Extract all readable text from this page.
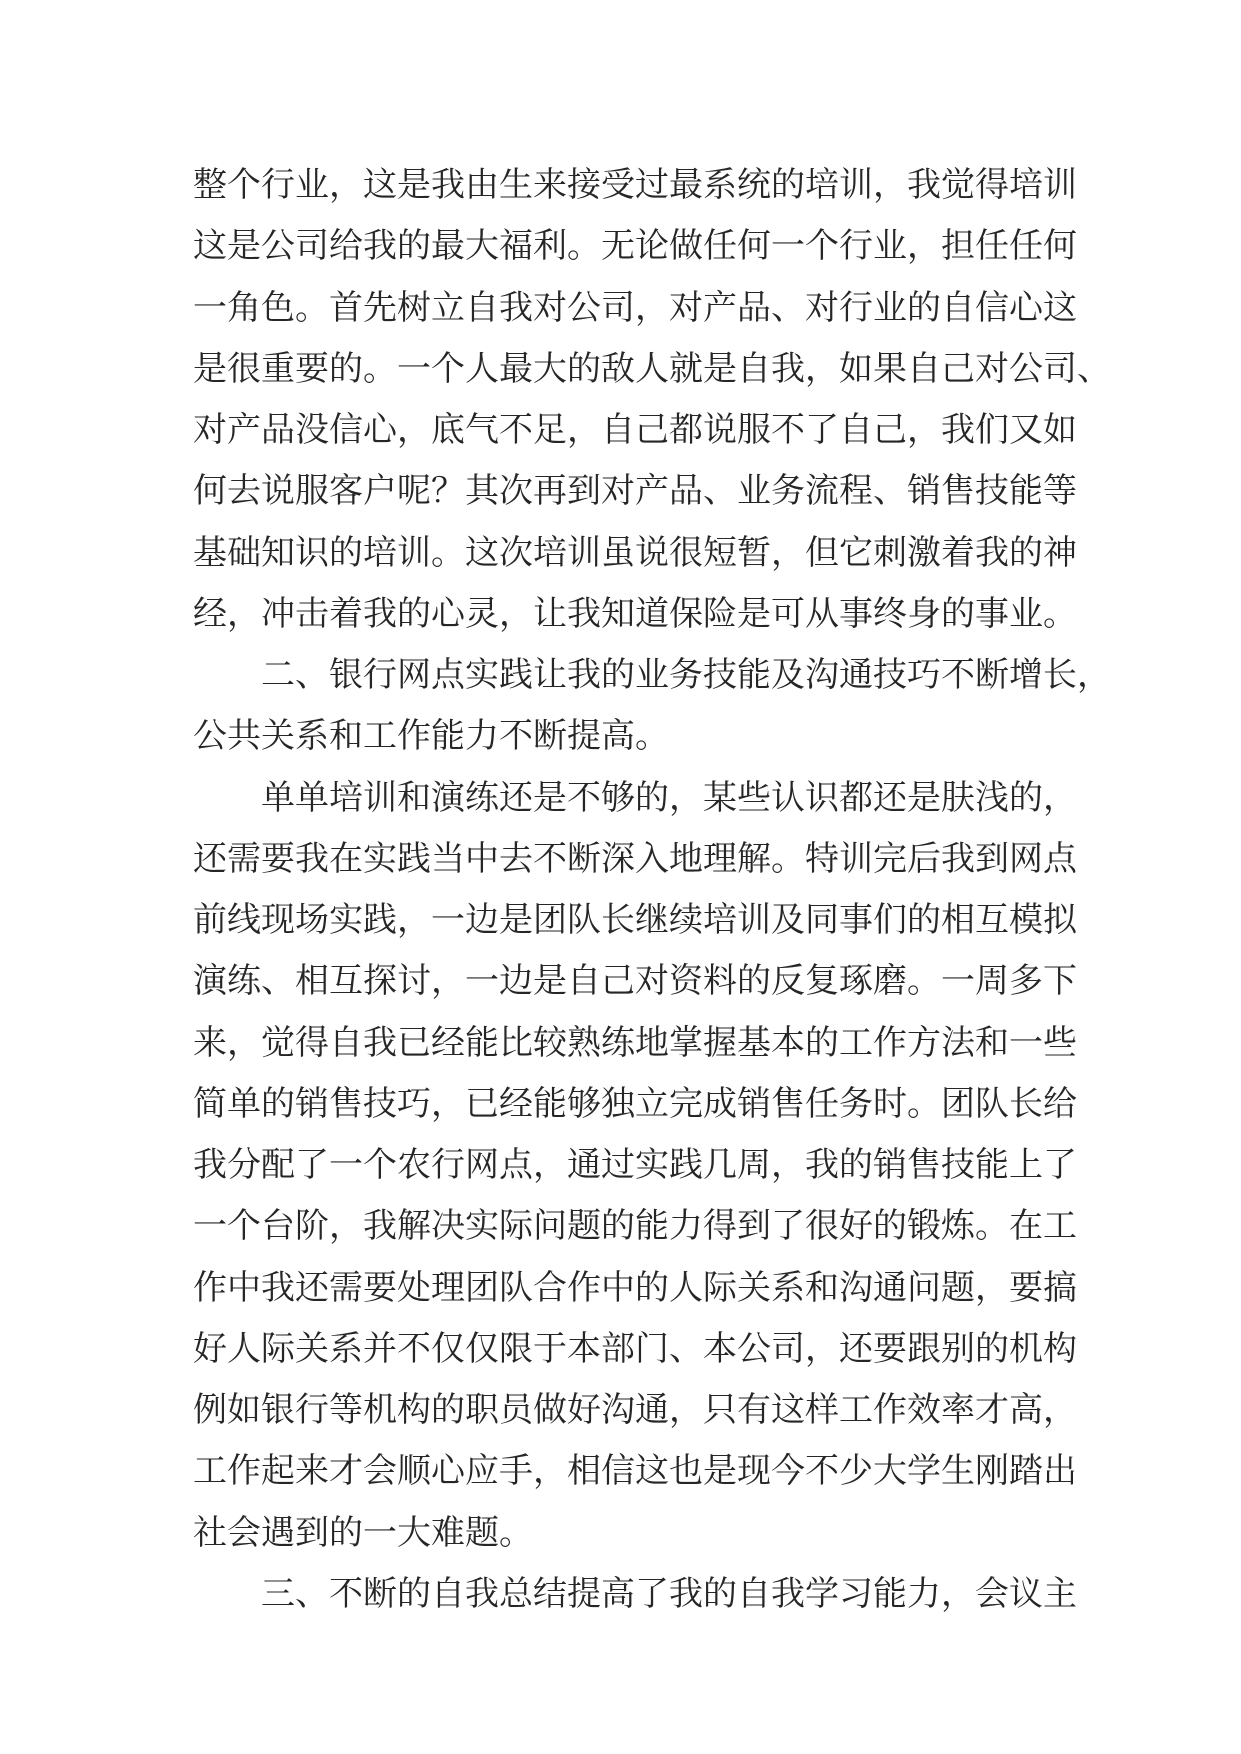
整个行业，这是我由生来接受过最系统的培训，我觉得培训
这是公司给我的最大福利。无论做任何一个行业，担任任何
一角色。首先树立自我对公司，对产品、对行业的自信心这
是很重要的。一个人最大的敌人就是自我，如果自己对公司、
对产品没信心，底气不足，自己都说服不了自己，我们又如
何去说服客户呢？其次再到对产品、业务流程、销售技能等
基础知识的培训。这次培训虽说很短暂，但它刺激着我的神
经，冲击着我的心灵，让我知道保险是可从事终身的事业。
二、银行网点实践让我的业务技能及沟通技巧不断增长，
公共关系和工作能力不断提高。
单单培训和演练还是不够的，某些认识都还是肤浅的，
还需要我在实践当中去不断深入地理解。特训完后我到网点
前线现场实践，一边是团队长继续培训及同事们的相互模拟
演练、相互探讨，一边是自己对资料的反复琢磨。一周多下
来，觉得自我已经能比较熟练地掌握基本的工作方法和一些
简单的销售技巧，已经能够独立完成销售任务时。团队长给
我分配了一个农行网点，通过实践几周，我的销售技能上了
一个台阶，我解决实际问题的能力得到了很好的锻炼。在工
作中我还需要处理团队合作中的人际关系和沟通问题，要搞
好人际关系并不仅仅限于本部门、本公司，还要跟别的机构
例如银行等机构的职员做好沟通，只有这样工作效率才高，
工作起来才会顺心应手，相信这也是现今不少大学生刚踏出
社会遇到的一大难题。
三、不断的自我总结提高了我的自我学习能力，会议主
